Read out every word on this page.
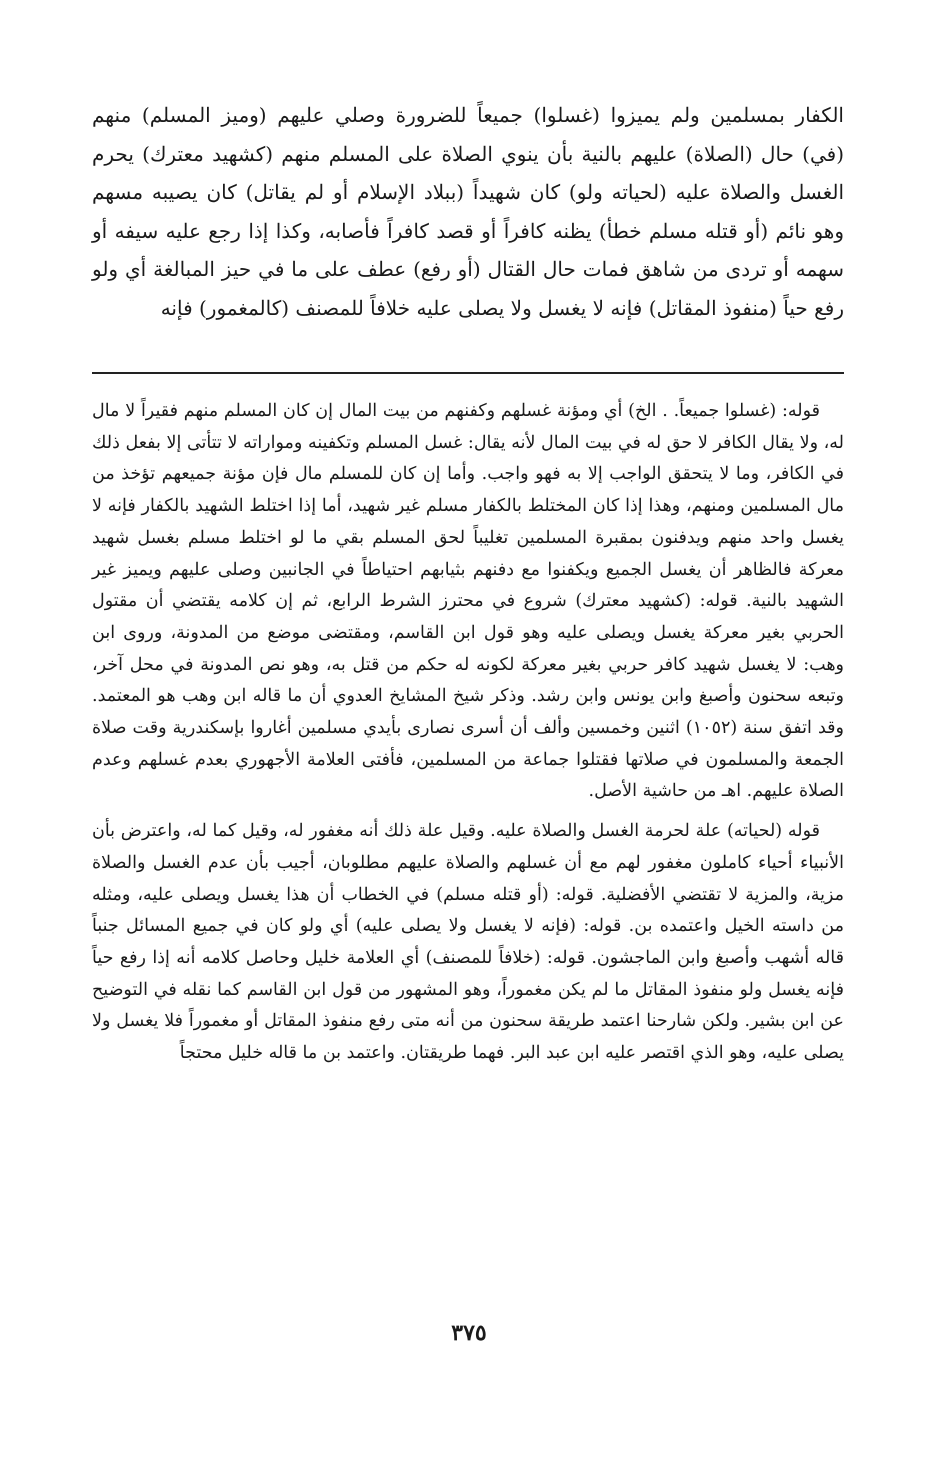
الكفار بمسلمين ولم يميزوا (غسلوا) جميعاً للضرورة وصلي عليهم (وميز المسلم) منهم (في) حال (الصلاة) عليهم بالنية بأن ينوي الصلاة على المسلم منهم (كشهيد معترك) يحرم الغسل والصلاة عليه (لحياته ولو) كان شهيداً (ببلاد الإسلام أو لم يقاتل) كان يصيبه مسهم وهو نائم (أو قتله مسلم خطأ) يظنه كافراً أو قصد كافراً فأصابه، وكذا إذا رجع عليه سيفه أو سهمه أو تردى من شاهق فمات حال القتال (أو رفع) عطف على ما في حيز المبالغة أي ولو رفع حياً (منفوذ المقاتل) فإنه لا يغسل ولا يصلى عليه خلافاً للمصنف (كالمغمور) فإنه

قوله: (غسلوا جميعاً. . الخ) أي ومؤنة غسلهم وكفنهم من بيت المال إن كان المسلم منهم فقيراً لا مال له، ولا يقال الكافر لا حق له في بيت المال لأنه يقال: غسل المسلم وتكفينه ومواراته لا تتأتى إلا بفعل ذلك في الكافر، وما لا يتحقق الواجب إلا به فهو واجب. وأما إن كان للمسلم مال فإن مؤنة جميعهم تؤخذ من مال المسلمين ومنهم، وهذا إذا كان المختلط بالكفار مسلم غير شهيد، أما إذا اختلط الشهيد بالكفار فإنه لا يغسل واحد منهم ويدفنون بمقبرة المسلمين تغليباً لحق المسلم بقي ما لو اختلط مسلم بغسل شهيد معركة فالظاهر أن يغسل الجميع ويكفنوا مع دفنهم بثيابهم احتياطاً في الجانبين وصلى عليهم ويميز غير الشهيد بالنية. قوله: (كشهيد معترك) شروع في محترز الشرط الرابع، ثم إن كلامه يقتضي أن مقتول الحربي بغير معركة يغسل ويصلى عليه وهو قول ابن القاسم، ومقتضى موضع من المدونة، وروى ابن وهب: لا يغسل شهيد كافر حربي بغير معركة لكونه له حكم من قتل به، وهو نص المدونة في محل آخر، وتبعه سحنون وأصبغ وابن يونس وابن رشد. وذكر شيخ المشايخ العدوي أن ما قاله ابن وهب هو المعتمد. وقد اتفق سنة (١٠٥٢) اثنين وخمسين وألف أن أسرى نصارى بأيدي مسلمين أغاروا بإسكندرية وقت صلاة الجمعة والمسلمون في صلاتها فقتلوا جماعة من المسلمين، فأفتى العلامة الأجهوري بعدم غسلهم وعدم الصلاة عليهم. اهـ من حاشية الأصل.

قوله (لحياته) علة لحرمة الغسل والصلاة عليه. وقيل علة ذلك أنه مغفور له، وقيل كما له، واعترض بأن الأنبياء أحياء كاملون مغفور لهم مع أن غسلهم والصلاة عليهم مطلوبان، أجيب بأن عدم الغسل والصلاة مزية، والمزية لا تقتضي الأفضلية. قوله: (أو قتله مسلم) في الخطاب أن هذا يغسل ويصلى عليه، ومثله من داسته الخيل واعتمده بن. قوله: (فإنه لا يغسل ولا يصلى عليه) أي ولو كان في جميع المسائل جنباً قاله أشهب وأصبغ وابن الماجشون. قوله: (خلافاً للمصنف) أي العلامة خليل وحاصل كلامه أنه إذا رفع حياً فإنه يغسل ولو منفوذ المقاتل ما لم يكن مغموراً، وهو المشهور من قول ابن القاسم كما نقله في التوضيح عن ابن بشير. ولكن شارحنا اعتمد طريقة سحنون من أنه متى رفع منفوذ المقاتل أو مغموراً فلا يغسل ولا يصلى عليه، وهو الذي اقتصر عليه ابن عبد البر. فهما طريقتان. واعتمد بن ما قاله خليل محتجاً

٣٧٥
